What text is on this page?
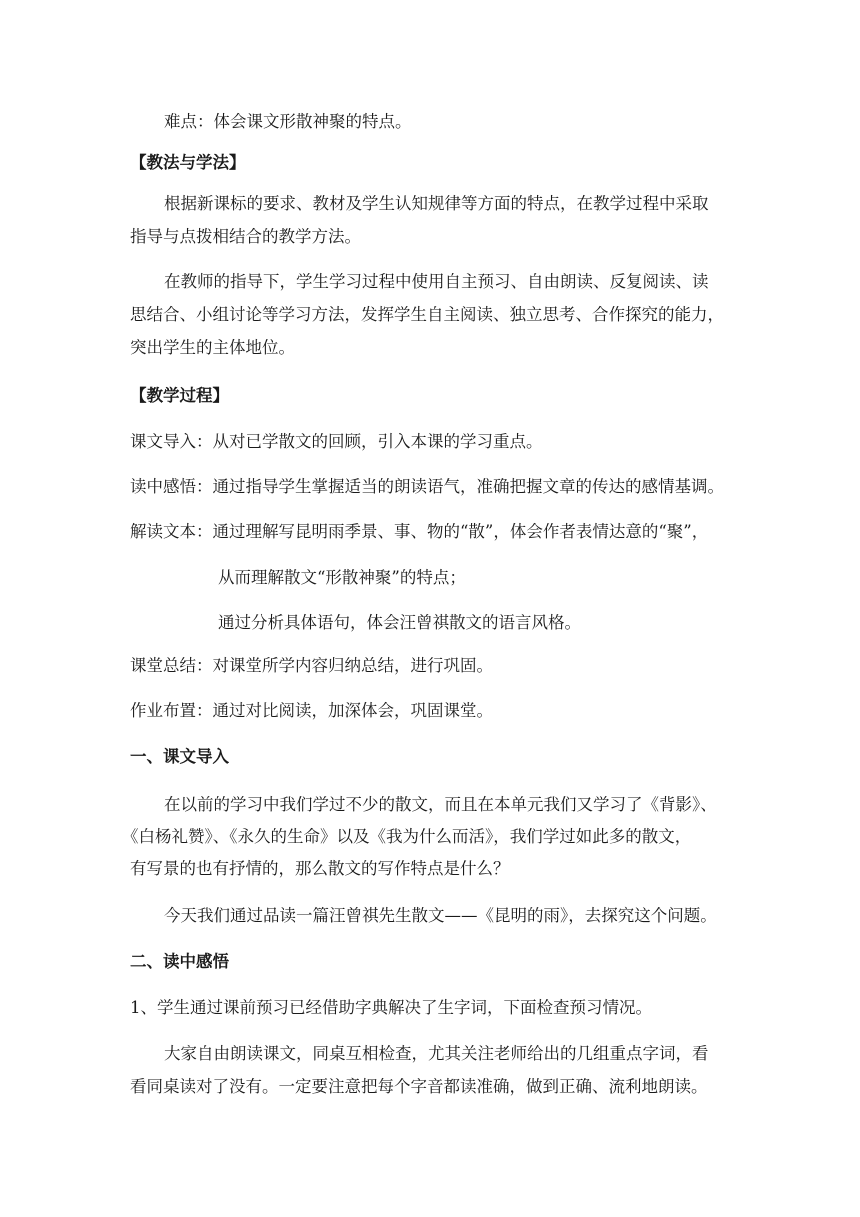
难点：体会课文形散神聚的特点。
【教法与学法】
根据新课标的要求、教材及学生认知规律等方面的特点，在教学过程中采取
指导与点拨相结合的教学方法。
在教师的指导下，学生学习过程中使用自主预习、自由朗读、反复阅读、读
思结合、小组讨论等学习方法，发挥学生自主阅读、独立思考、合作探究的能力，
突出学生的主体地位。
【教学过程】
课文导入：从对已学散文的回顾，引入本课的学习重点。
读中感悟：通过指导学生掌握适当的朗读语气，准确把握文章的传达的感情基调。
解读文本：通过理解写昆明雨季景、事、物的“散”，体会作者表情达意的“聚”，
从而理解散文“形散神聚”的特点；
通过分析具体语句，体会汪曾祺散文的语言风格。
课堂总结：对课堂所学内容归纳总结，进行巩固。
作业布置：通过对比阅读，加深体会，巩固课堂。
一、课文导入
在以前的学习中我们学过不少的散文，而且在本单元我们又学习了《背影》、
《白杨礼赞》、《永久的生命》以及《我为什么而活》，我们学过如此多的散文，
有写景的也有抒情的，那么散文的写作特点是什么？
今天我们通过品读一篇汪曾祺先生散文——《昆明的雨》，去探究这个问题。
二、读中感悟
1、学生通过课前预习已经借助字典解决了生字词，下面检查预习情况。
大家自由朗读课文，同桌互相检查，尤其关注老师给出的几组重点字词，看
看同桌读对了没有。一定要注意把每个字音都读准确，做到正确、流利地朗读。
